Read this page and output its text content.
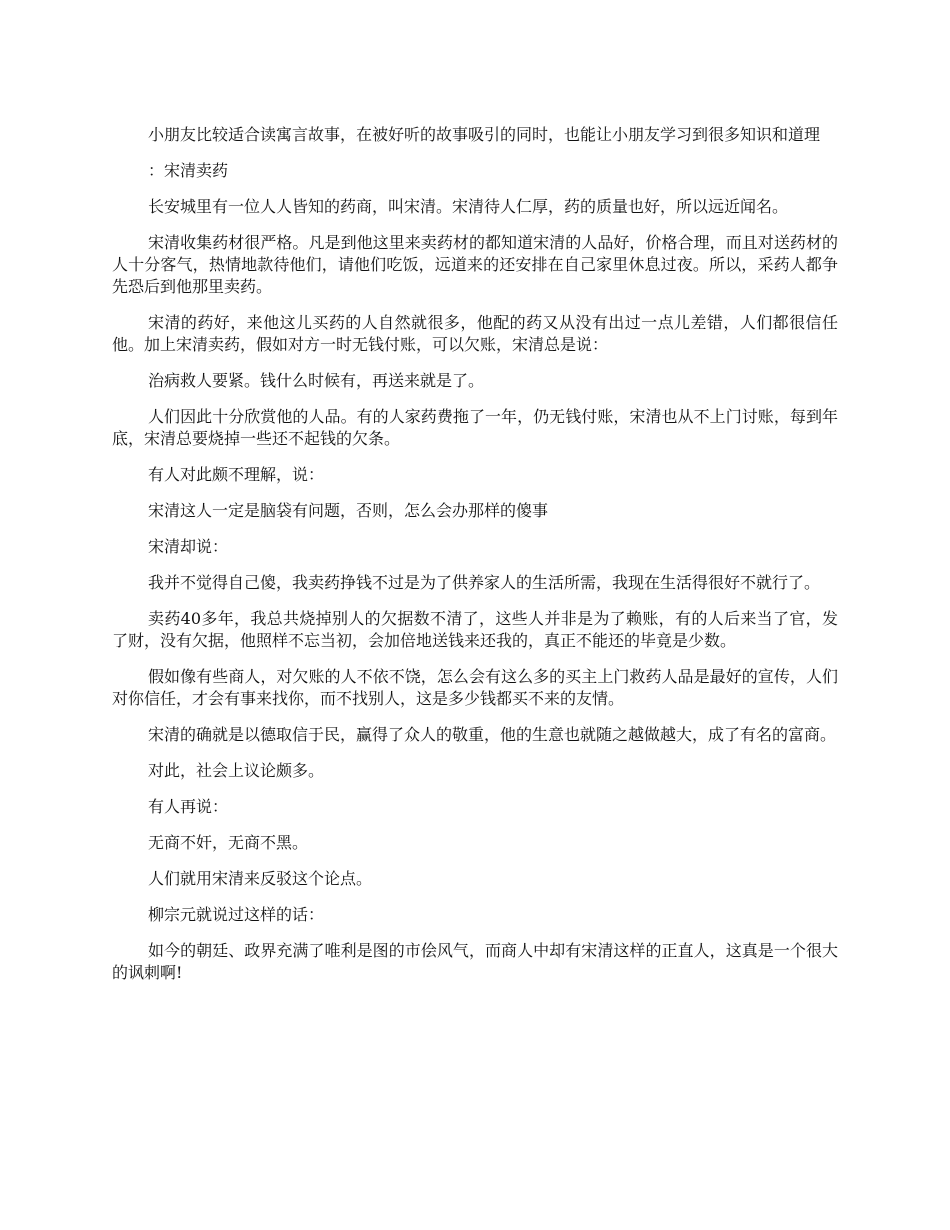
小朋友比较适合读寓言故事，在被好听的故事吸引的同时，也能让小朋友学习到很多知识和道理

：宋清卖药

长安城里有一位人人皆知的药商，叫宋清。宋清待人仁厚，药的质量也好，所以远近闻名。

宋清收集药材很严格。凡是到他这里来卖药材的都知道宋清的人品好，价格合理，而且对送药材的人十分客气，热情地款待他们，请他们吃饭，远道来的还安排在自己家里休息过夜。所以，采药人都争先恐后到他那里卖药。

宋清的药好，来他这儿买药的人自然就很多，他配的药又从没有出过一点儿差错，人们都很信任他。加上宋清卖药，假如对方一时无钱付账，可以欠账，宋清总是说：

治病救人要紧。钱什么时候有，再送来就是了。

人们因此十分欣赏他的人品。有的人家药费拖了一年，仍无钱付账，宋清也从不上门讨账，每到年底，宋清总要烧掉一些还不起钱的欠条。

有人对此颇不理解，说：

宋清这人一定是脑袋有问题，否则，怎么会办那样的傻事

宋清却说：

我并不觉得自己傻，我卖药挣钱不过是为了供养家人的生活所需，我现在生活得很好不就行了。

卖药40多年，我总共烧掉别人的欠据数不清了，这些人并非是为了赖账，有的人后来当了官，发了财，没有欠据，他照样不忘当初，会加倍地送钱来还我的，真正不能还的毕竟是少数。

假如像有些商人，对欠账的人不依不饶，怎么会有这么多的买主上门救药人品是最好的宣传，人们对你信任，才会有事来找你，而不找别人，这是多少钱都买不来的友情。

宋清的确就是以德取信于民，赢得了众人的敬重，他的生意也就随之越做越大，成了有名的富商。

对此，社会上议论颇多。

有人再说：

无商不奸，无商不黑。

人们就用宋清来反驳这个论点。

柳宗元就说过这样的话：

如今的朝廷、政界充满了唯利是图的市侩风气，而商人中却有宋清这样的正直人，这真是一个很大的讽刺啊!
